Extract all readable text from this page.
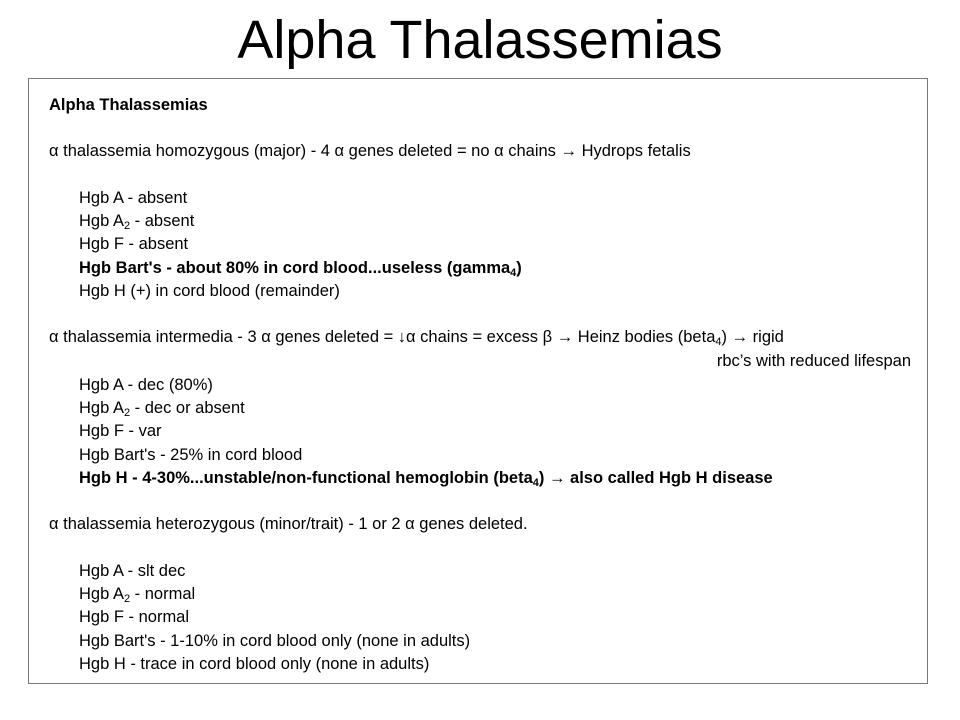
Alpha Thalassemias
Alpha Thalassemias
α thalassemia homozygous (major) - 4 α genes deleted = no α chains → Hydrops fetalis
Hgb A - absent
Hgb $A_2$ - absent
Hgb F - absent
Hgb Bart's - about 80% in cord blood...useless (gamma$_4$)
Hgb H (+) in cord blood (remainder)
α thalassemia intermedia - 3 α genes deleted = ↓α chains = excess β → Heinz bodies (beta$_4$) → rigid
rbc’s with reduced lifespan
Hgb A - dec (80%)
Hgb $A_2$ - dec or absent
Hgb F - var
Hgb Bart's - 25% in cord blood
Hgb H - 4-30%...unstable/non-functional hemoglobin (beta$_4$) → also called Hgb H disease
α thalassemia heterozygous (minor/trait) - 1 or 2 α genes deleted.
Hgb A - slt dec
Hgb $A_2$ - normal
Hgb F - normal
Hgb Bart's - 1-10% in cord blood only (none in adults)
Hgb H - trace in cord blood only (none in adults)
